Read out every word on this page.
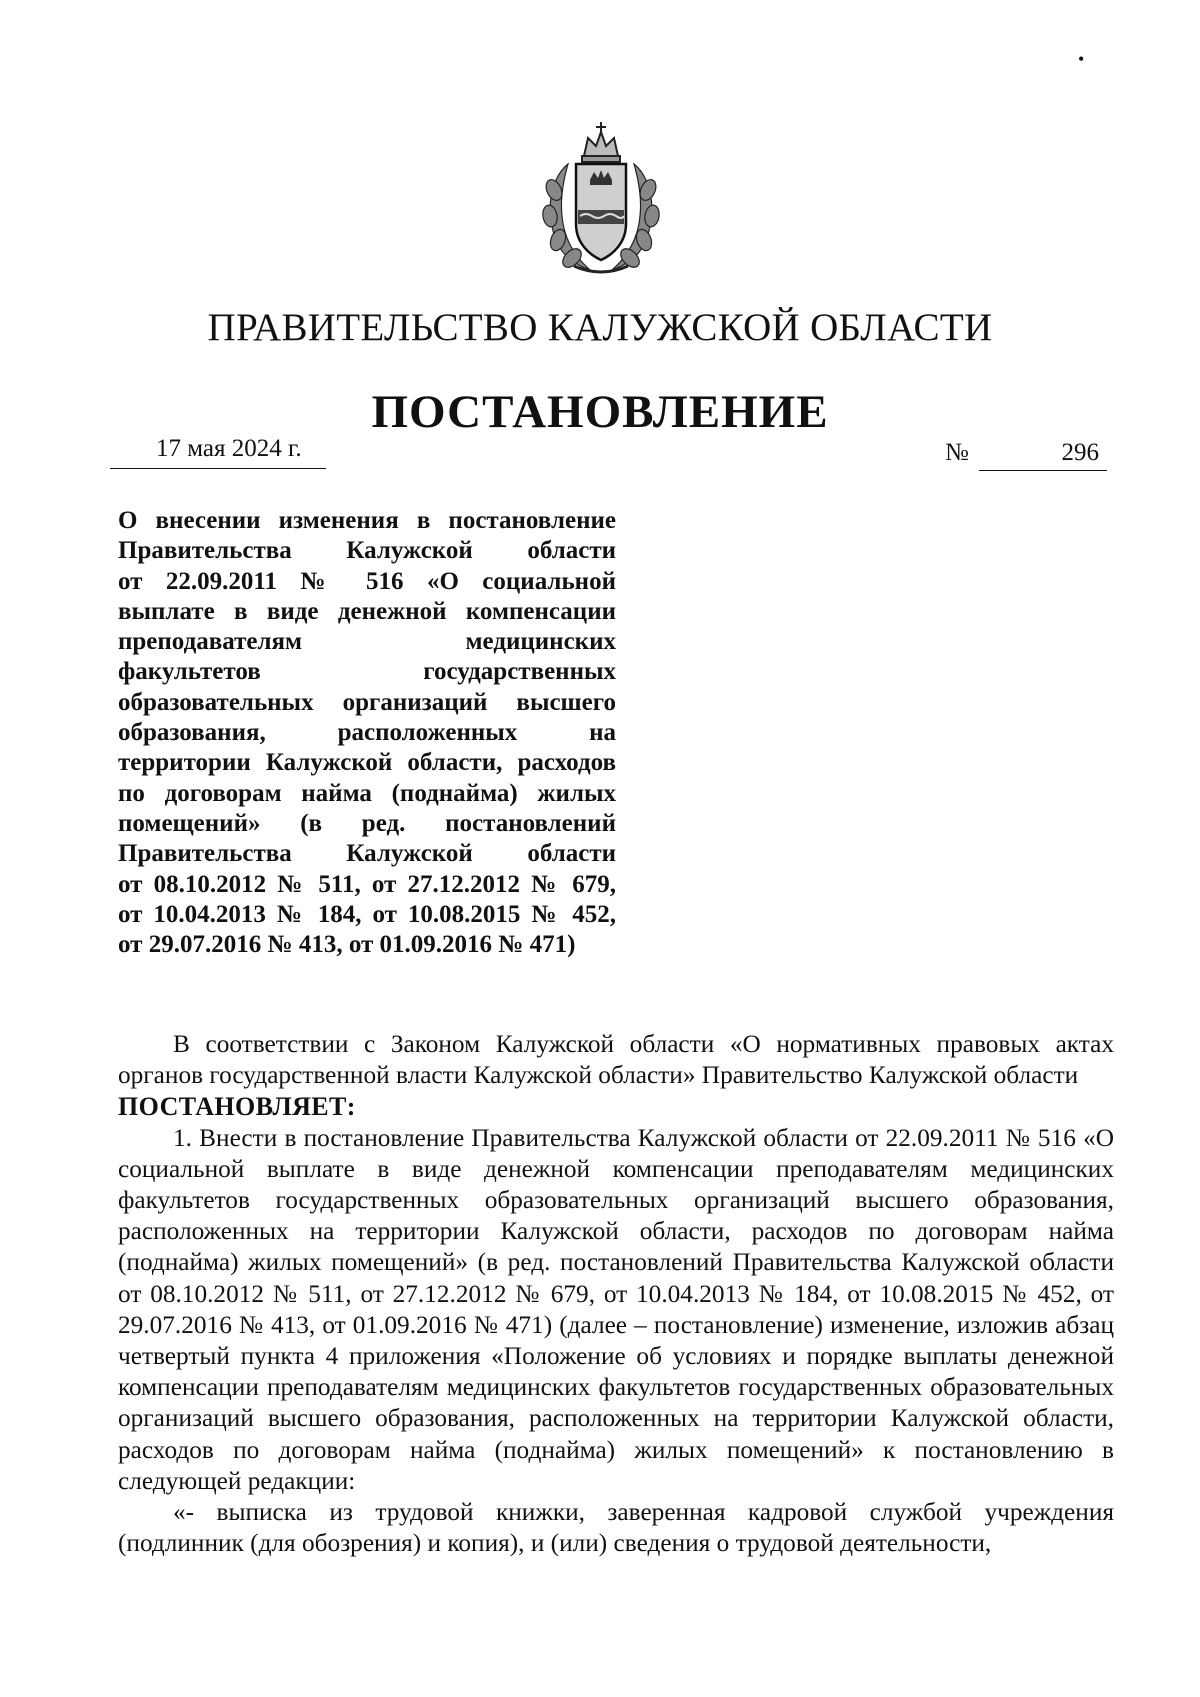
•
ПРАВИТЕЛЬСТВО КАЛУЖСКОЙ ОБЛАСТИ
ПОСТАНОВЛЕНИЕ
17 мая 2024 г.	№	296
О внесении изменения в постановление
Правительства Калужской области
от 22.09.2011 № 516 «О социальной
выплате в виде денежной компенсации
преподавателям медицинских
факультетов государственных
образовательных организаций высшего
образования, расположенных на
территории Калужской области, расходов
по договорам найма (поднайма) жилых
помещений» (в ред. постановлений
Правительства Калужской области
от 08.10.2012 № 511, от 27.12.2012 № 679,
от 10.04.2013 № 184, от 10.08.2015 № 452,
от 29.07.2016 № 413, от 01.09.2016 № 471)

В соответствии с Законом Калужской области «О нормативных правовых актах органов государственной власти Калужской области» Правительство Калужской области

ПОСТАНОВЛЯЕТ:

1. Внести в постановление Правительства Калужской области от 22.09.2011 № 516 «О социальной выплате в виде денежной компенсации преподавателям медицинских факультетов государственных образовательных организаций высшего образования, расположенных на территории Калужской области, расходов по договорам найма (поднайма) жилых помещений» (в ред. постановлений Правительства Калужской области от 08.10.2012 № 511, от 27.12.2012 № 679, от 10.04.2013 № 184, от 10.08.2015 № 452, от 29.07.2016 № 413, от 01.09.2016 № 471) (далее – постановление) изменение, изложив абзац четвертый пункта 4 приложения «Положение об условиях и порядке выплаты денежной компенсации преподавателям медицинских факультетов государственных образовательных организаций высшего образования, расположенных на территории Калужской области, расходов по договорам найма (поднайма) жилых помещений» к постановлению в следующей редакции:

«- выписка из трудовой книжки, заверенная кадровой службой учреждения (подлинник (для обозрения) и копия), и (или) сведения о трудовой деятельности,
